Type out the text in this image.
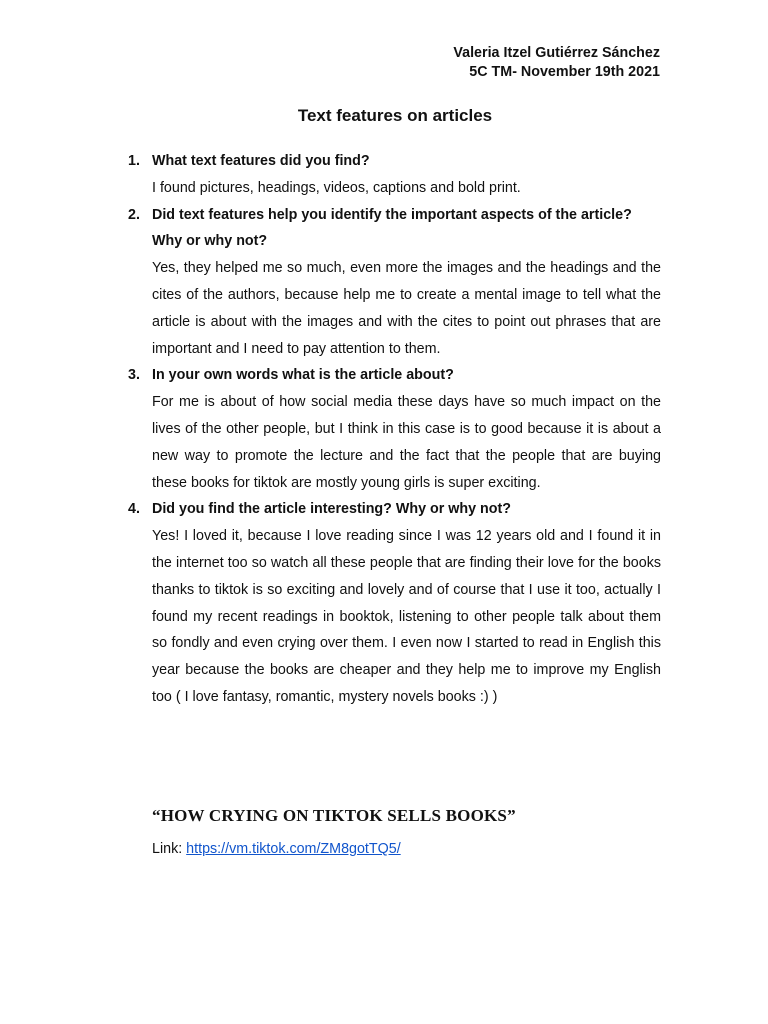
Valeria Itzel Gutiérrez Sánchez
5C TM- November 19th 2021
Text features on articles
1. What text features did you find?
I found pictures, headings, videos, captions and bold print.
2. Did text features help you identify the important aspects of the article? Why or why not?
Yes, they helped me so much, even more the images and the headings and the cites of the authors, because help me to create a mental image to tell what the article is about with the images and with the cites to point out phrases that are important and I need to pay attention to them.
3. In your own words what is the article about?
For me is about of how social media these days have so much impact on the lives of the other people, but I think in this case is to good because it is about a new way to promote the lecture and the fact that the people that are buying these books for tiktok are mostly young girls is super exciting.
4. Did you find the article interesting? Why or why not?
Yes! I loved it, because I love reading since I was 12 years old and I found it in the internet too so watch all these people that are finding their love for the books thanks to tiktok is so exciting and lovely and of course that I use it too, actually I found my recent readings in booktok, listening to other people talk about them so fondly and even crying over them. I even now I started to read in English this year because the books are cheaper and they help me to improve my English too ( I love fantasy, romantic, mystery novels books :) )
“HOW CRYING ON TIKTOK SELLS BOOKS”
Link: https://vm.tiktok.com/ZM8gotTQ5/
